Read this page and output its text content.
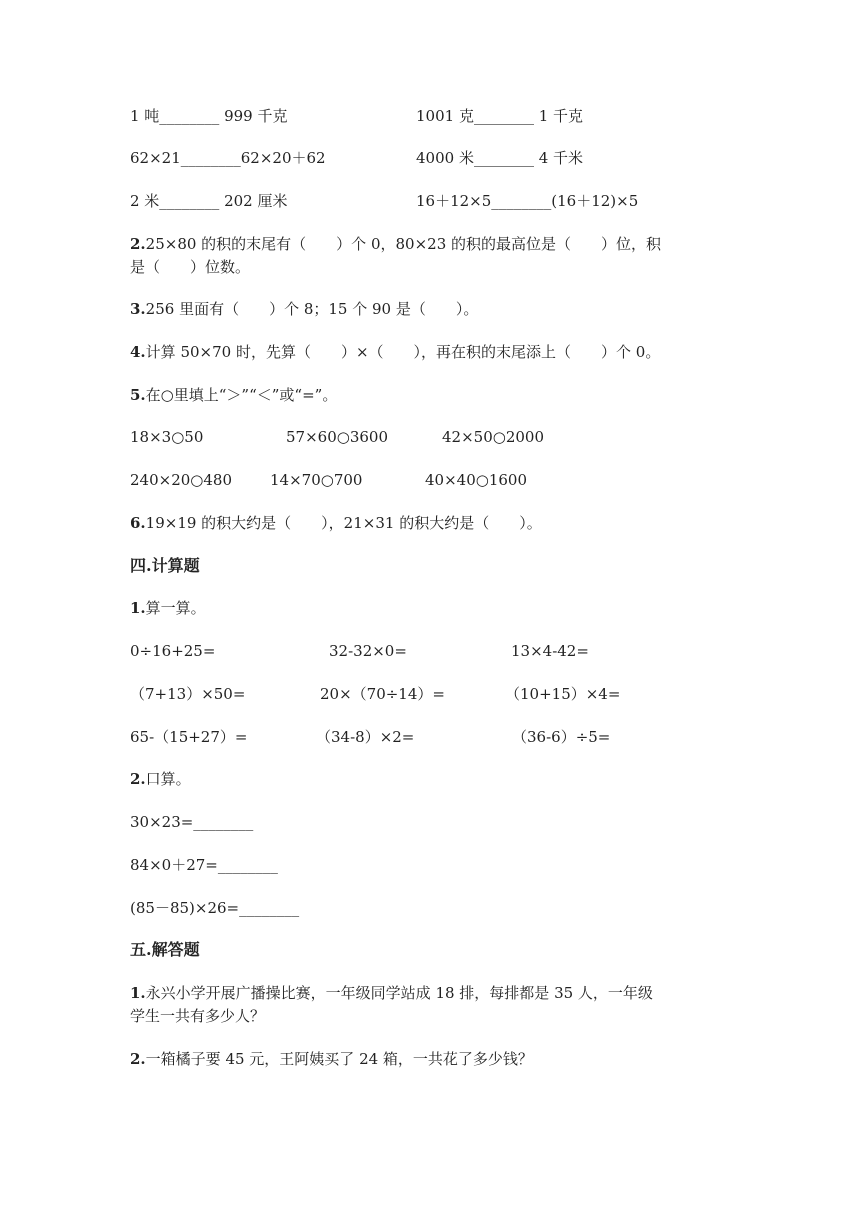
1 吨________ 999 千克	1001 克________ 1 千克
62×21________62×20＋62	4000 米________ 4 千米
2 米________ 202 厘米	16＋12×5________(16＋12)×5
2.25×80 的积的末尾有（　　）个 0，80×23 的积的最高位是（　　）位，积
是（　　）位数。
3.256 里面有（　　）个 8；15 个 90 是（　　）。
4.计算 50×70 时，先算（　　）×（　　），再在积的末尾添上（　　）个 0。
5.在○里填上“＞”“＜”或“=”。
18×3○50	57×60○3600	42×50○2000
240×20○480	14×70○700	40×40○1600
6.19×19 的积大约是（　　），21×31 的积大约是（　　）。
四.计算题
1.算一算。
0÷16+25=	32-32×0=	13×4-42=
（7+13）×50=	20×（70÷14）=	（10+15）×4=
65-（15+27）=	（34-8）×2=	（36-6）÷5=
2.口算。
30×23=________
84×0＋27=________
(85－85)×26=________
五.解答题
1.永兴小学开展广播操比赛，一年级同学站成 18 排，每排都是 35 人，一年级
学生一共有多少人？
2.一箱橘子要 45 元，王阿姨买了 24 箱，一共花了多少钱？
